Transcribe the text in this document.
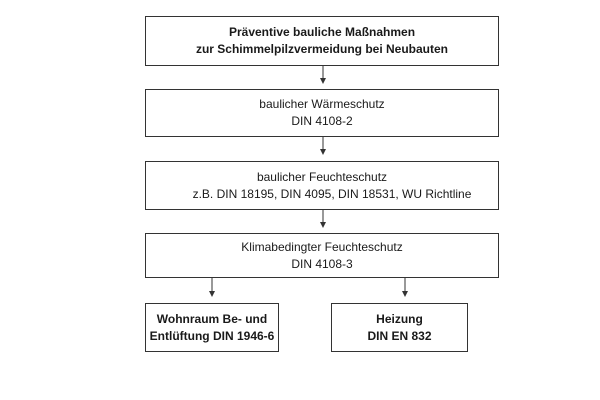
Präventive bauliche Maßnahmen
zur Schimmelpilzvermeidung bei Neubauten
baulicher Wärmeschutz
DIN 4108-2
baulicher Feuchteschutz
z.B. DIN 18195, DIN 4095, DIN 18531, WU Richtline
Klimabedingter Feuchteschutz
DIN 4108-3
Wohnraum Be- und
Entlüftung DIN 1946-6
Heizung
DIN EN 832
